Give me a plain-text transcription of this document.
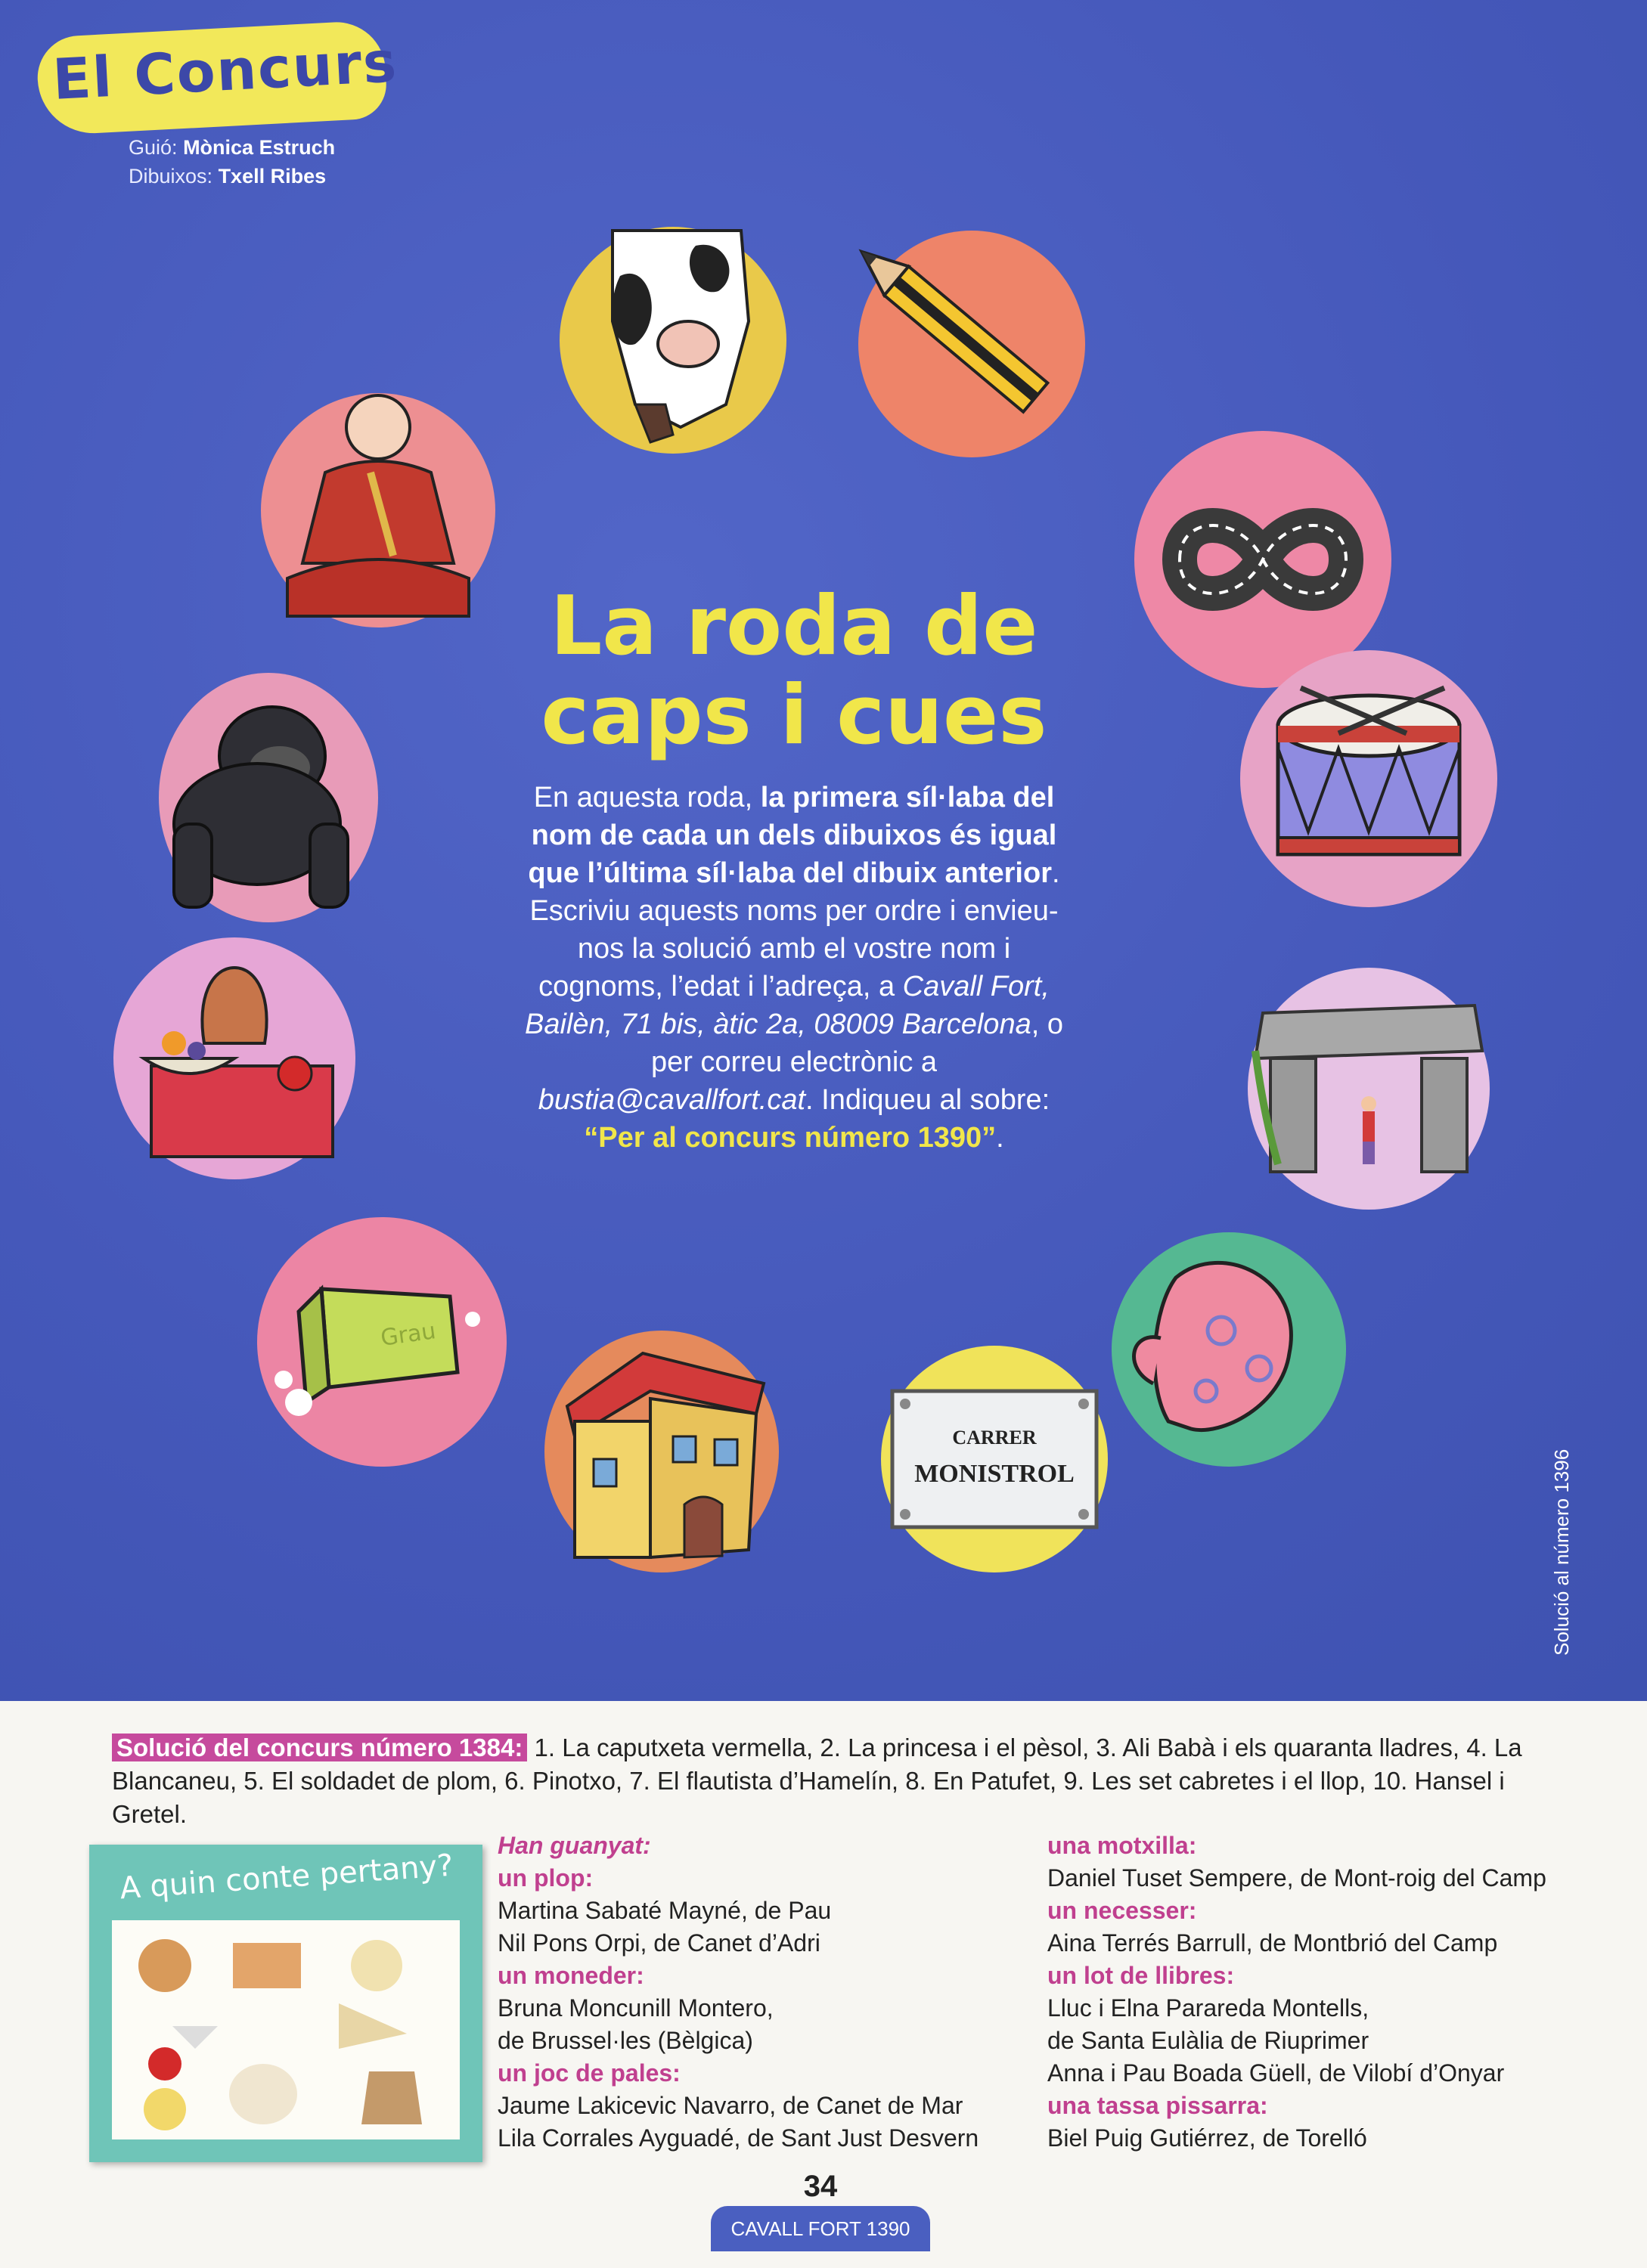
El Concurs
Guió: Mònica Estruch
Dibuixos: Txell Ribes
La roda de
caps i cues
En aquesta roda, la primera síl·laba del nom de cada un dels dibuixos és igual que l’última síl·laba del dibuix anterior. Escriviu aquests noms per ordre i envieu-nos la solució amb el vostre nom i cognoms, l’edat i l’adreça, a Cavall Fort, Bailèn, 71 bis, àtic 2a, 08009 Barcelona, o per correu electrònic a bustia@cavallfort.cat. Indiqueu al sobre: “Per al concurs número 1390”.
Grau
CARRER
MONISTROL	Solució al número 1396
Solució del concurs número 1384: 1. La caputxeta vermella, 2. La princesa i el pèsol, 3. Ali Babà i els quaranta lladres, 4. La Blancaneu, 5. El soldadet de plom, 6. Pinotxo, 7. El flautista d’Hamelín, 8. En Patufet, 9. Les set cabretes i el llop, 10. Hansel i Gretel.
A quin conte pertany?
Han guanyat:
un plop:
Martina Sabaté Mayné, de Pau
Nil Pons Orpi, de Canet d’Adri
un moneder:
Bruna Moncunill Montero,
de Brussel·les (Bèlgica)
un joc de pales:
Jaume Lakicevic Navarro, de Canet de Mar
Lila Corrales Ayguadé, de Sant Just Desvern
una motxilla:
Daniel Tuset Sempere, de Mont-roig del Camp
un necesser:
Aina Terrés Barrull, de Montbrió del Camp
un lot de llibres:
Lluc i Elna Parareda Montells,
de Santa Eulàlia de Riuprimer
Anna i Pau Boada Güell, de Vilobí d’Onyar
una tassa pissarra:
Biel Puig Gutiérrez, de Torelló
34
CAVALL FORT 1390
